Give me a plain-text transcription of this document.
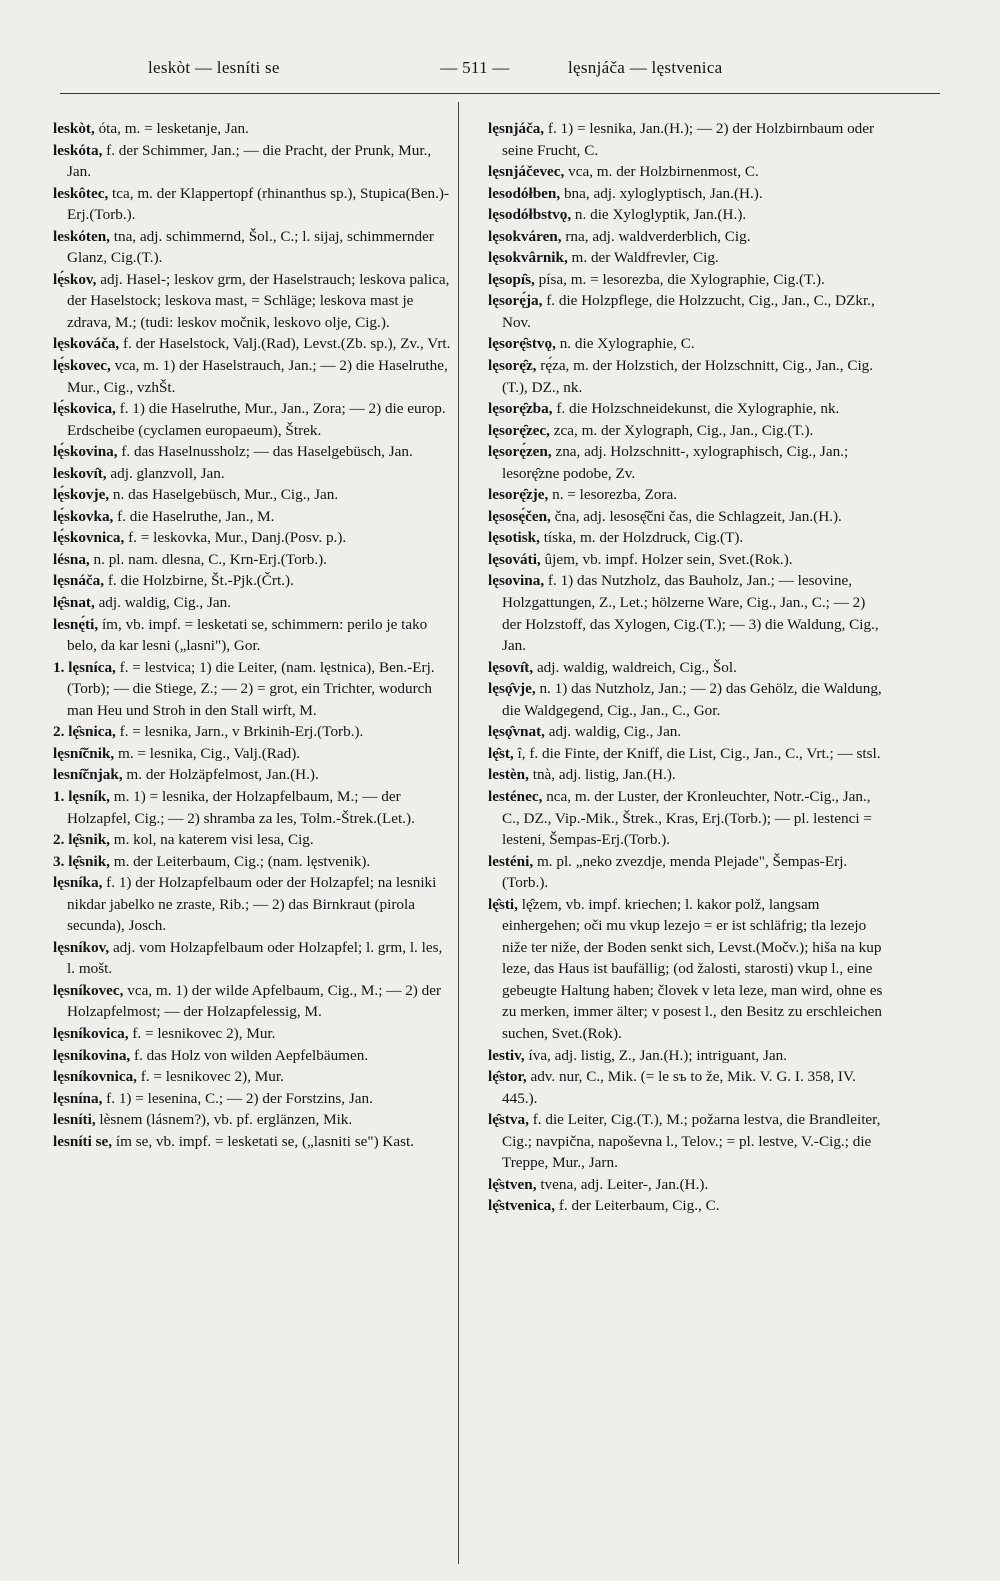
leskòt — lesníti se	— 511 —	lęsnjáča — lęstvenica

leskòt, óta, m. = lesketanje, Jan.

leskóta, f. der Schimmer, Jan.; — die Pracht, der Prunk, Mur., Jan.

leskôtec, tca, m. der Klappertopf (rhinanthus sp.), Stupica(Ben.)-Erj.(Torb.).

leskóten, tna, adj. schimmernd, Šol., C.; l. sijaj, schimmernder Glanz, Cig.(T.).

lę́skov, adj. Hasel-; leskov grm, der Haselstrauch; leskova palica, der Haselstock; leskova mast, = Schläge; leskova mast je zdrava, M.; (tudi: leskov močnik, leskovo olje, Cig.).

lęskováča, f. der Haselstock, Valj.(Rad), Levst.(Zb. sp.), Zv., Vrt.

lę́skovec, vca, m. 1) der Haselstrauch, Jan.; — 2) die Haselruthe, Mur., Cig., vzhŠt.

lę́skovica, f. 1) die Haselruthe, Mur., Jan., Zora; — 2) die europ. Erdscheibe (cyclamen europaeum), Štrek.

lę́skovina, f. das Haselnussholz; — das Haselgebüsch, Jan.

leskovı̂t, adj. glanzvoll, Jan.

lę́skovje, n. das Haselgebüsch, Mur., Cig., Jan.

lę́skovka, f. die Haselruthe, Jan., M.

lę́skovnica, f. = leskovka, Mur., Danj.(Posv. p.).

lésna, n. pl. nam. dlesna, C., Krn-Erj.(Torb.).

lęsnáča, f. die Holzbirne, Št.-Pjk.(Črt.).

lę̑snat, adj. waldig, Cig., Jan.

lesnę́ti, ím, vb. impf. = lesketati se, schimmern: perilo je tako belo, da kar lesni („lasni"), Gor.

1. lęsníca, f. = lestvica; 1) die Leiter, (nam. lęstnica), Ben.-Erj.(Torb); — die Stiege, Z.; — 2) = grot, ein Trichter, wodurch man Heu und Stroh in den Stall wirft, M.

2. lę̑snica, f. = lesnika, Jarn., v Brkinih-Erj.(Torb.).

lęsnı̑čnik, m. = lesnika, Cig., Valj.(Rad).

lesnı̑čnjak, m. der Holzäpfelmost, Jan.(H.).

1. lęsník, m. 1) = lesnika, der Holzapfelbaum, M.; — der Holzapfel, Cig.; — 2) shramba za les, Tolm.-Štrek.(Let.).

2. lę̑snik, m. kol, na katerem visi lesa, Cig.

3. lę̑snik, m. der Leiterbaum, Cig.; (nam. lęstvenik).

lęsníka, f. 1) der Holzapfelbaum oder der Holzapfel; na lesniki nikdar jabelko ne zraste, Rib.; — 2) das Birnkraut (pirola secunda), Josch.

lęsníkov, adj. vom Holzapfelbaum oder Holzapfel; l. grm, l. les, l. mošt.

lęsníkovec, vca, m. 1) der wilde Apfelbaum, Cig., M.; — 2) der Holzapfelmost; — der Holzapfelessig, M.

lęsníkovica, f. = lesnikovec 2), Mur.

lęsníkovina, f. das Holz von wilden Aepfelbäumen.

lęsníkovnica, f. = lesnikovec 2), Mur.

lęsnína, f. 1) = lesenina, C.; — 2) der Forstzins, Jan.

lesníti, lèsnem (lásnem?), vb. pf. erglänzen, Mik.

lesníti se, ím se, vb. impf. = lesketati se, („lasniti se") Kast.

lęsnjáča, f. 1) = lesnika, Jan.(H.); — 2) der Holzbirnbaum oder seine Frucht, C.

lęsnjáčevec, vca, m. der Holzbirnenmost, C.

lesodółben, bna, adj. xyloglyptisch, Jan.(H.).

lęsodółbstvǫ, n. die Xyloglyptik, Jan.(H.).

lęsokváren, rna, adj. waldverderblich, Cig.

lęsokvârnik, m. der Waldfrevler, Cig.

lęsopı̑s, písa, m. = lesorezba, die Xylographie, Cig.(T.).

lęsorę́ja, f. die Holzpflege, die Holzzucht, Cig., Jan., C., DZkr., Nov.

lęsorę̑stvǫ, n. die Xylographie, C.

lęsorę̑z, rę́za, m. der Holzstich, der Holzschnitt, Cig., Jan., Cig.(T.), DZ., nk.

lęsorę̑zba, f. die Holzschneidekunst, die Xylographie, nk.

lęsorę̑zec, zca, m. der Xylograph, Cig., Jan., Cig.(T.).

lęsorę́zen, zna, adj. Holzschnitt-, xylographisch, Cig., Jan.; lesorę̑zne podobe, Zv.

lesorę̑zje, n. = lesorezba, Zora.

lęsosę́čen, čna, adj. lesosę̑čni čas, die Schlagzeit, Jan.(H.).

lęsotisk, tíska, m. der Holzdruck, Cig.(T).

lęsováti, ûjem, vb. impf. Holzer sein, Svet.(Rok.).

lęsovina, f. 1) das Nutzholz, das Bauholz, Jan.; — lesovine, Holzgattungen, Z., Let.; hölzerne Ware, Cig., Jan., C.; — 2) der Holzstoff, das Xylogen, Cig.(T.); — 3) die Waldung, Cig., Jan.

lęsovı̂t, adj. waldig, waldreich, Cig., Šol.

lęsǫ̂vje, n. 1) das Nutzholz, Jan.; — 2) das Gehölz, die Waldung, die Waldgegend, Cig., Jan., C., Gor.

lęsǫ̂vnat, adj. waldig, Cig., Jan.

lę̂st, î, f. die Finte, der Kniff, die List, Cig., Jan., C., Vrt.; — stsl.

lestèn, tnà, adj. listig, Jan.(H.).

lesténec, nca, m. der Luster, der Kronleuchter, Notr.-Cig., Jan., C., DZ., Vip.-Mik., Štrek., Kras, Erj.(Torb.); — pl. lestenci = lesteni, Šempas-Erj.(Torb.).

lesténi, m. pl. „neko zvezdje, menda Plejade", Šempas-Erj.(Torb.).

lę̂sti, lę̂zem, vb. impf. kriechen; l. kakor polž, langsam einhergehen; oči mu vkup lezejo = er ist schläfrig; tla lezejo niže ter niže, der Boden senkt sich, Levst.(Močv.); hiša na kup leze, das Haus ist baufällig; (od žalosti, starosti) vkup l., eine gebeugte Haltung haben; človek v leta leze, man wird, ohne es zu merken, immer älter; v posest l., den Besitz zu erschleichen suchen, Svet.(Rok).

lestiv, íva, adj. listig, Z., Jan.(H.); intriguant, Jan.

lę̂stor, adv. nur, C., Mik. (= le sъ to že, Mik. V. G. I. 358, IV. 445.).

lę̂stva, f. die Leiter, Cig.(T.), M.; požarna lestva, die Brandleiter, Cig.; navpična, napoševna l., Telov.; = pl. lestve, V.-Cig.; die Treppe, Mur., Jarn.

lę̂stven, tvena, adj. Leiter-, Jan.(H.).

lę̂stvenica, f. der Leiterbaum, Cig., C.
